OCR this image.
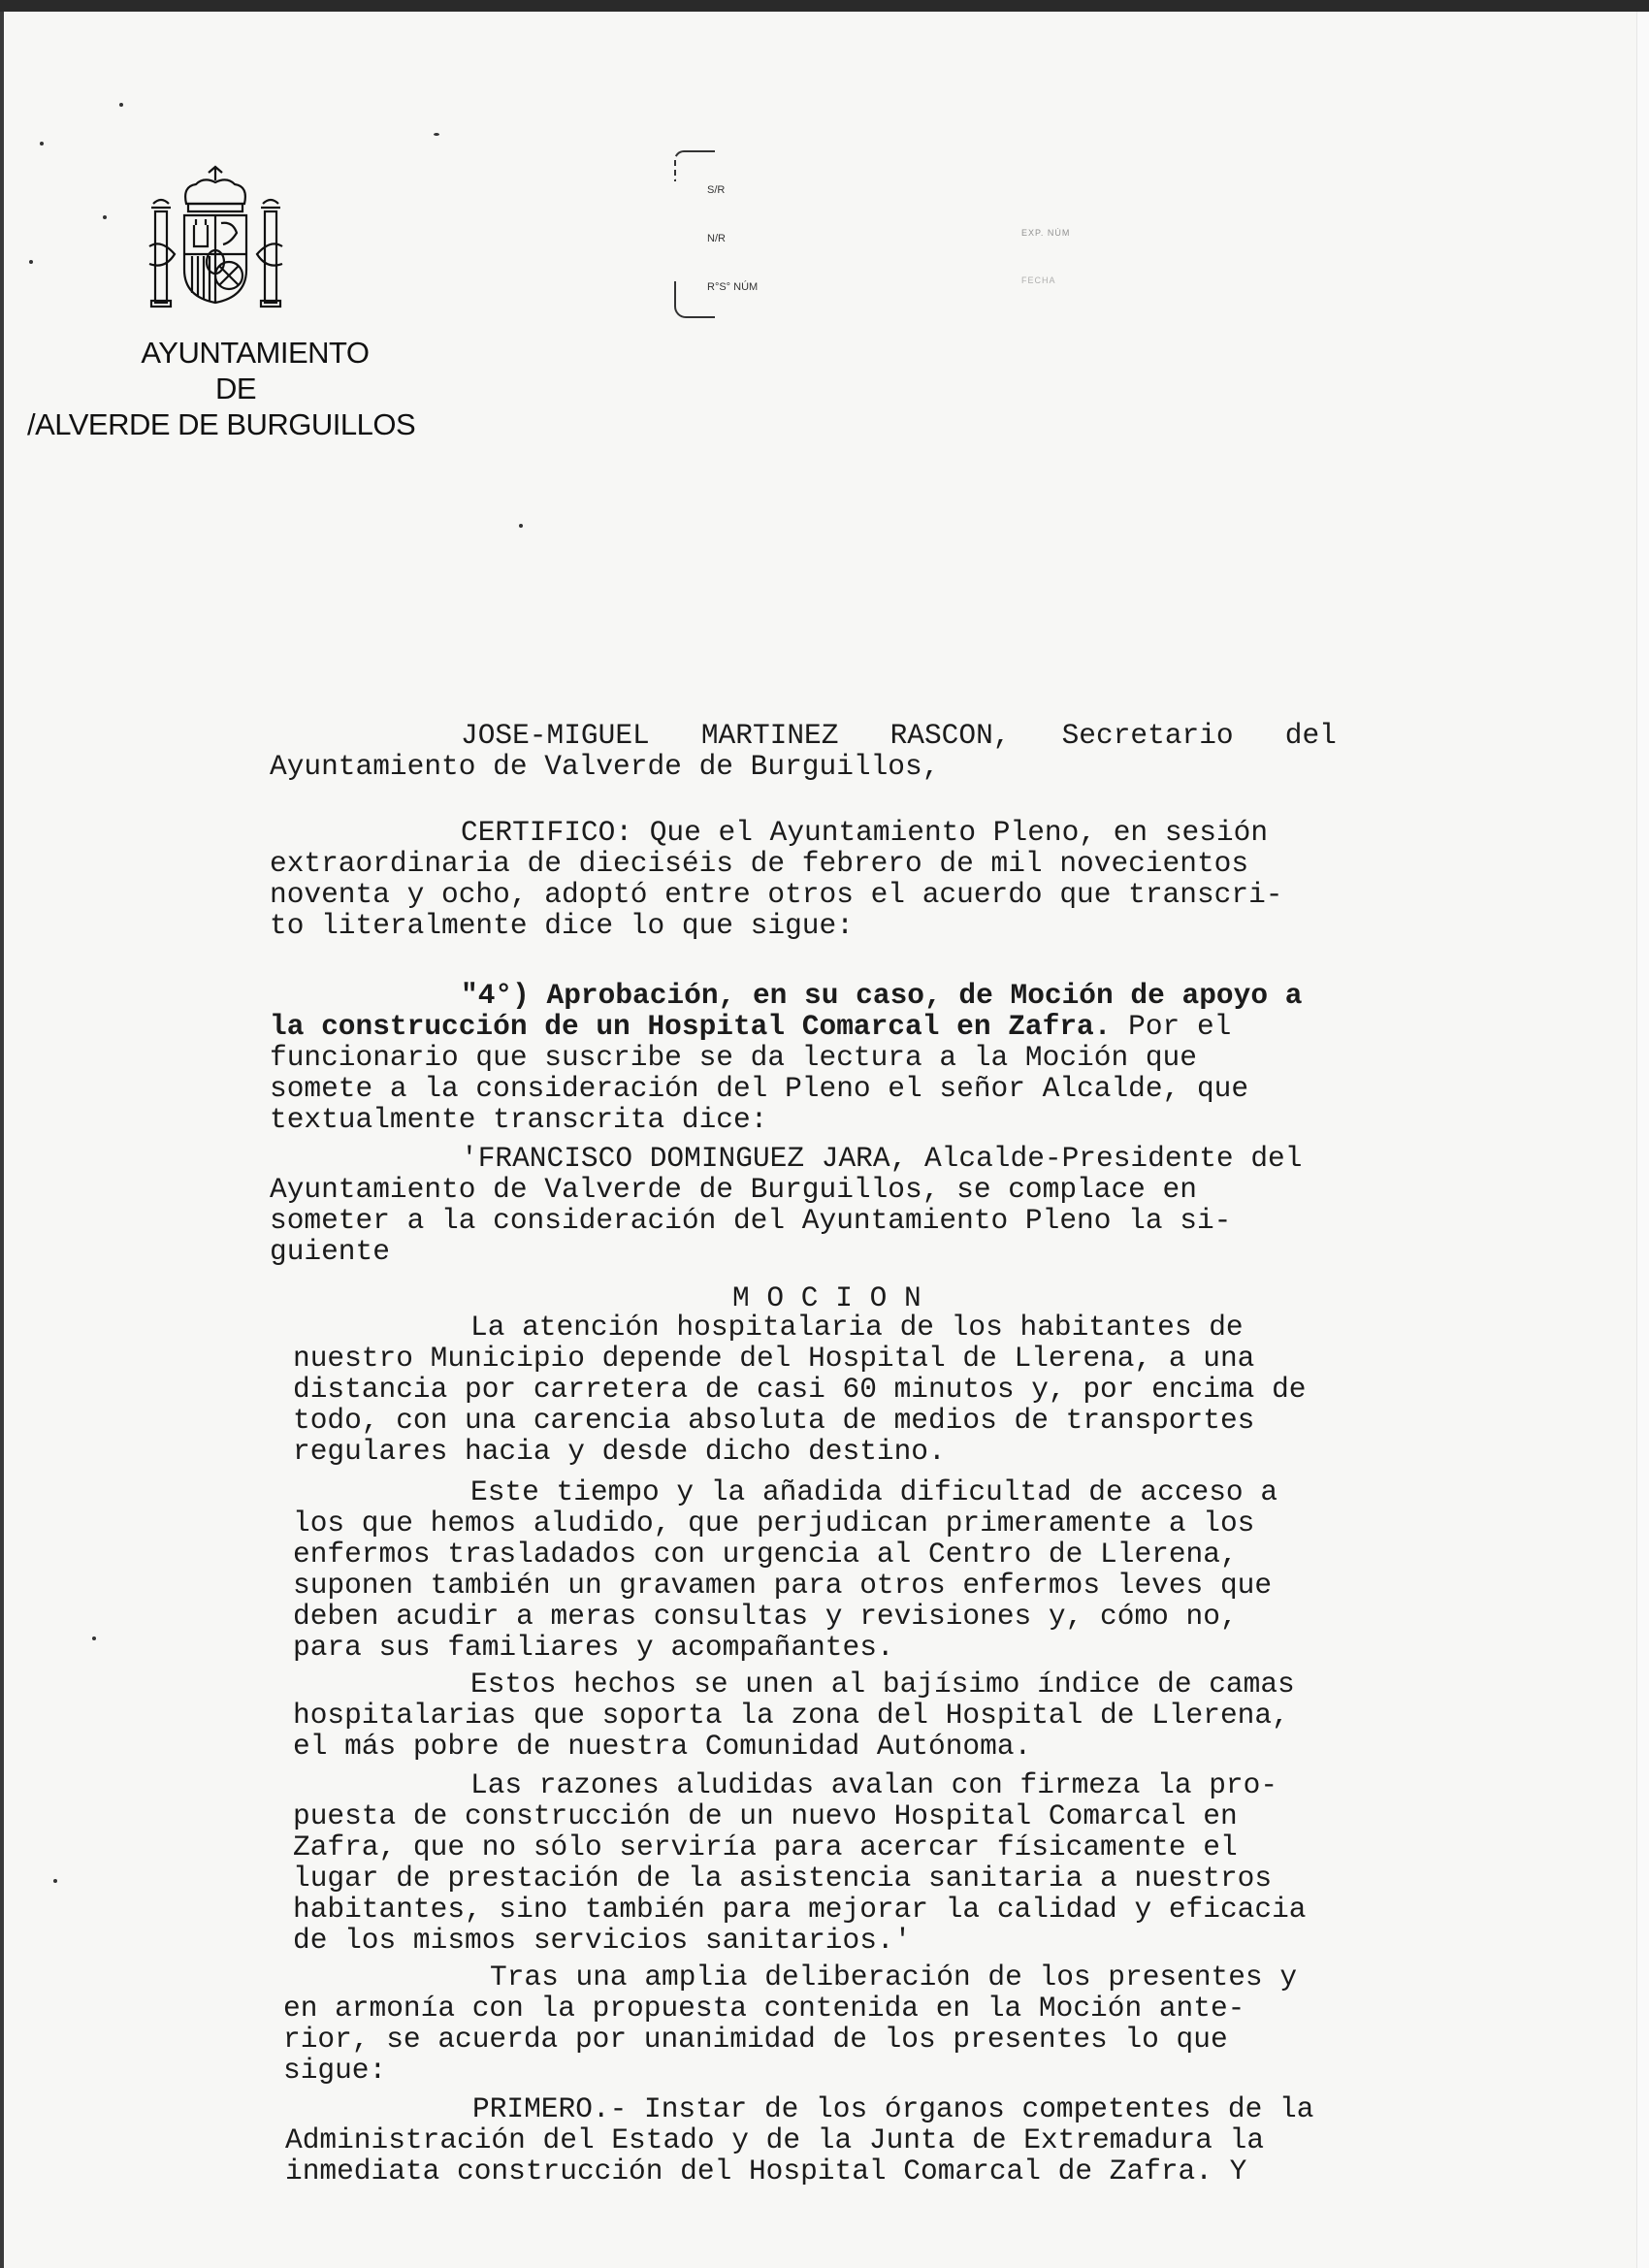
AYUNTAMIENTO
DE
/ALVERDE DE BURGUILLOS
S/R
N/R
R°S° NÚM
EXP. NÚM
FECHA
JOSE-MIGUEL   MARTINEZ   RASCON,   Secretario   del
Ayuntamiento de Valverde de Burguillos,
CERTIFICO: Que el Ayuntamiento Pleno, en sesión
extraordinaria de dieciséis de febrero de mil novecientos
noventa y ocho, adoptó entre otros el acuerdo que transcri-
to literalmente dice lo que sigue:
"4°) Aprobación, en su caso, de Moción de apoyo a
la construcción de un Hospital Comarcal en Zafra. Por el
funcionario que suscribe se da lectura a la Moción que
somete a la consideración del Pleno el señor Alcalde, que
textualmente transcrita dice:
'FRANCISCO DOMINGUEZ JARA, Alcalde-Presidente del
Ayuntamiento de Valverde de Burguillos, se complace en
someter a la consideración del Ayuntamiento Pleno la si-
guiente
M O C I O N
La atención hospitalaria de los habitantes de
nuestro Municipio depende del Hospital de Llerena, a una
distancia por carretera de casi 60 minutos y, por encima de
todo, con una carencia absoluta de medios de transportes
regulares hacia y desde dicho destino.
Este tiempo y la añadida dificultad de acceso a
los que hemos aludido, que perjudican primeramente a los
enfermos trasladados con urgencia al Centro de Llerena,
suponen también un gravamen para otros enfermos leves que
deben acudir a meras consultas y revisiones y, cómo no,
para sus familiares y acompañantes.
Estos hechos se unen al bajísimo índice de camas
hospitalarias que soporta la zona del Hospital de Llerena,
el más pobre de nuestra Comunidad Autónoma.
Las razones aludidas avalan con firmeza la pro-
puesta de construcción de un nuevo Hospital Comarcal en
Zafra, que no sólo serviría para acercar físicamente el
lugar de prestación de la asistencia sanitaria a nuestros
habitantes, sino también para mejorar la calidad y eficacia
de los mismos servicios sanitarios.'
Tras una amplia deliberación de los presentes y
en armonía con la propuesta contenida en la Moción ante-
rior, se acuerda por unanimidad de los presentes lo que
sigue:
PRIMERO.- Instar de los órganos competentes de la
Administración del Estado y de la Junta de Extremadura la
inmediata construcción del Hospital Comarcal de Zafra. Y
